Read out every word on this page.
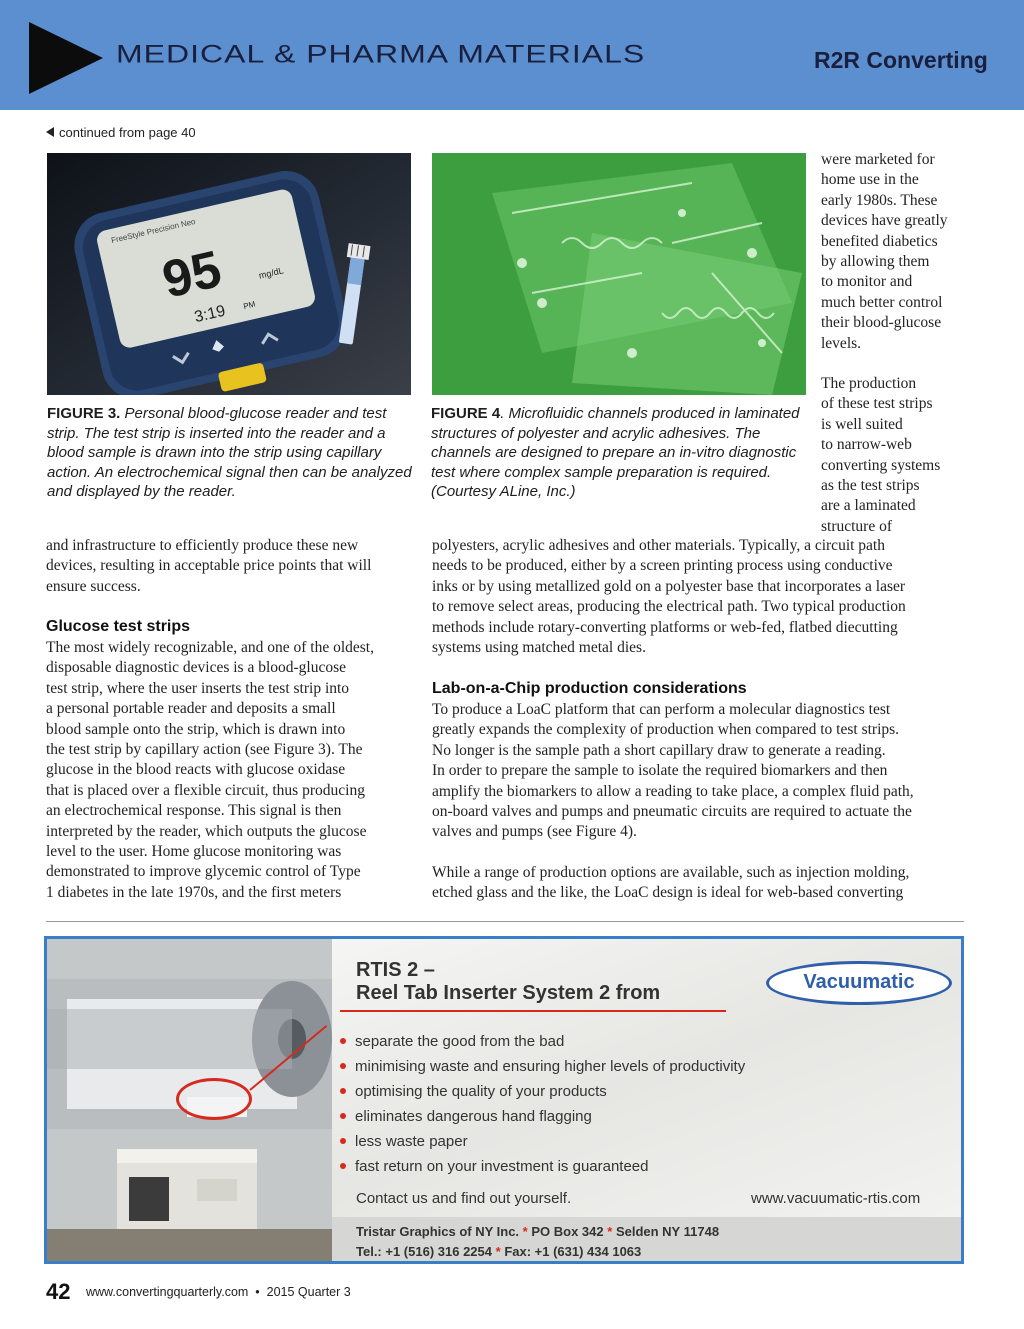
MEDICAL & PHARMA MATERIALS	R2R Converting
continued from page 40
FreeStyle Precision Neo
95	mg/dL
3:19 PM
FIGURE 3. Personal blood-glucose reader and test strip. The test strip is inserted into the reader and a blood sample is drawn into the strip using capillary action. An electrochemical signal then can be analyzed and displayed by the reader.
FIGURE 4. Microfluidic channels produced in laminated structures of polyester and acrylic adhesives. The channels are designed to prepare an in-vitro diagnostic test where complex sample preparation is required. (Courtesy ALine, Inc.)

were marketed for

home use in the

early 1980s. These

devices have greatly

benefited diabetics

by allowing them

to monitor and

much better control

their blood-glucose

levels.

The production

of these test strips

is well suited

to narrow-web

converting systems

as the test strips

are a laminated

structure of

and infrastructure to efficiently produce these new

devices, resulting in acceptable price points that will

ensure success.

Glucose test strips

The most widely recognizable, and one of the oldest,

disposable diagnostic devices is a blood-glucose

test strip, where the user inserts the test strip into

a personal portable reader and deposits a small

blood sample onto the strip, which is drawn into

the test strip by capillary action (see Figure 3). The

glucose in the blood reacts with glucose oxidase

that is placed over a flexible circuit, thus producing

an electrochemical response. This signal is then

interpreted by the reader, which outputs the glucose

level to the user. Home glucose monitoring was

demonstrated to improve glycemic control of Type

1 diabetes in the late 1970s, and the first meters

polyesters, acrylic adhesives and other materials. Typically, a circuit path

needs to be produced, either by a screen printing process using conductive

inks or by using metallized gold on a polyester base that incorporates a laser

to remove select areas, producing the electrical path. Two typical production

methods include rotary-converting platforms or web-fed, flatbed diecutting

systems using matched metal dies.

Lab-on-a-Chip production considerations

To produce a LoaC platform that can perform a molecular diagnostics test

greatly expands the complexity of production when compared to test strips.

No longer is the sample path a short capillary draw to generate a reading.

In order to prepare the sample to isolate the required biomarkers and then

amplify the biomarkers to allow a reading to take place, a complex fluid path,

on-board valves and pumps and pneumatic circuits are required to actuate the

valves and pumps (see Figure 4).

While a range of production options are available, such as injection molding,

etched glass and the like, the LoaC design is ideal for web-based converting

RTIS 2 –
Reel Tab Inserter System 2 from	Vacuumatic
separate the good from the bad
minimising waste and ensuring higher levels of productivity
optimising the quality of your products
eliminates dangerous hand flagging
less waste paper
fast return on your investment is guaranteed
Contact us and find out yourself.	www.vacuumatic-rtis.com
Tristar Graphics of NY Inc. * PO Box 342 * Selden NY 11748
Tel.: +1 (516) 316 2254 * Fax: +1 (631) 434 1063
42 www.convertingquarterly.com • 2015 Quarter 3
